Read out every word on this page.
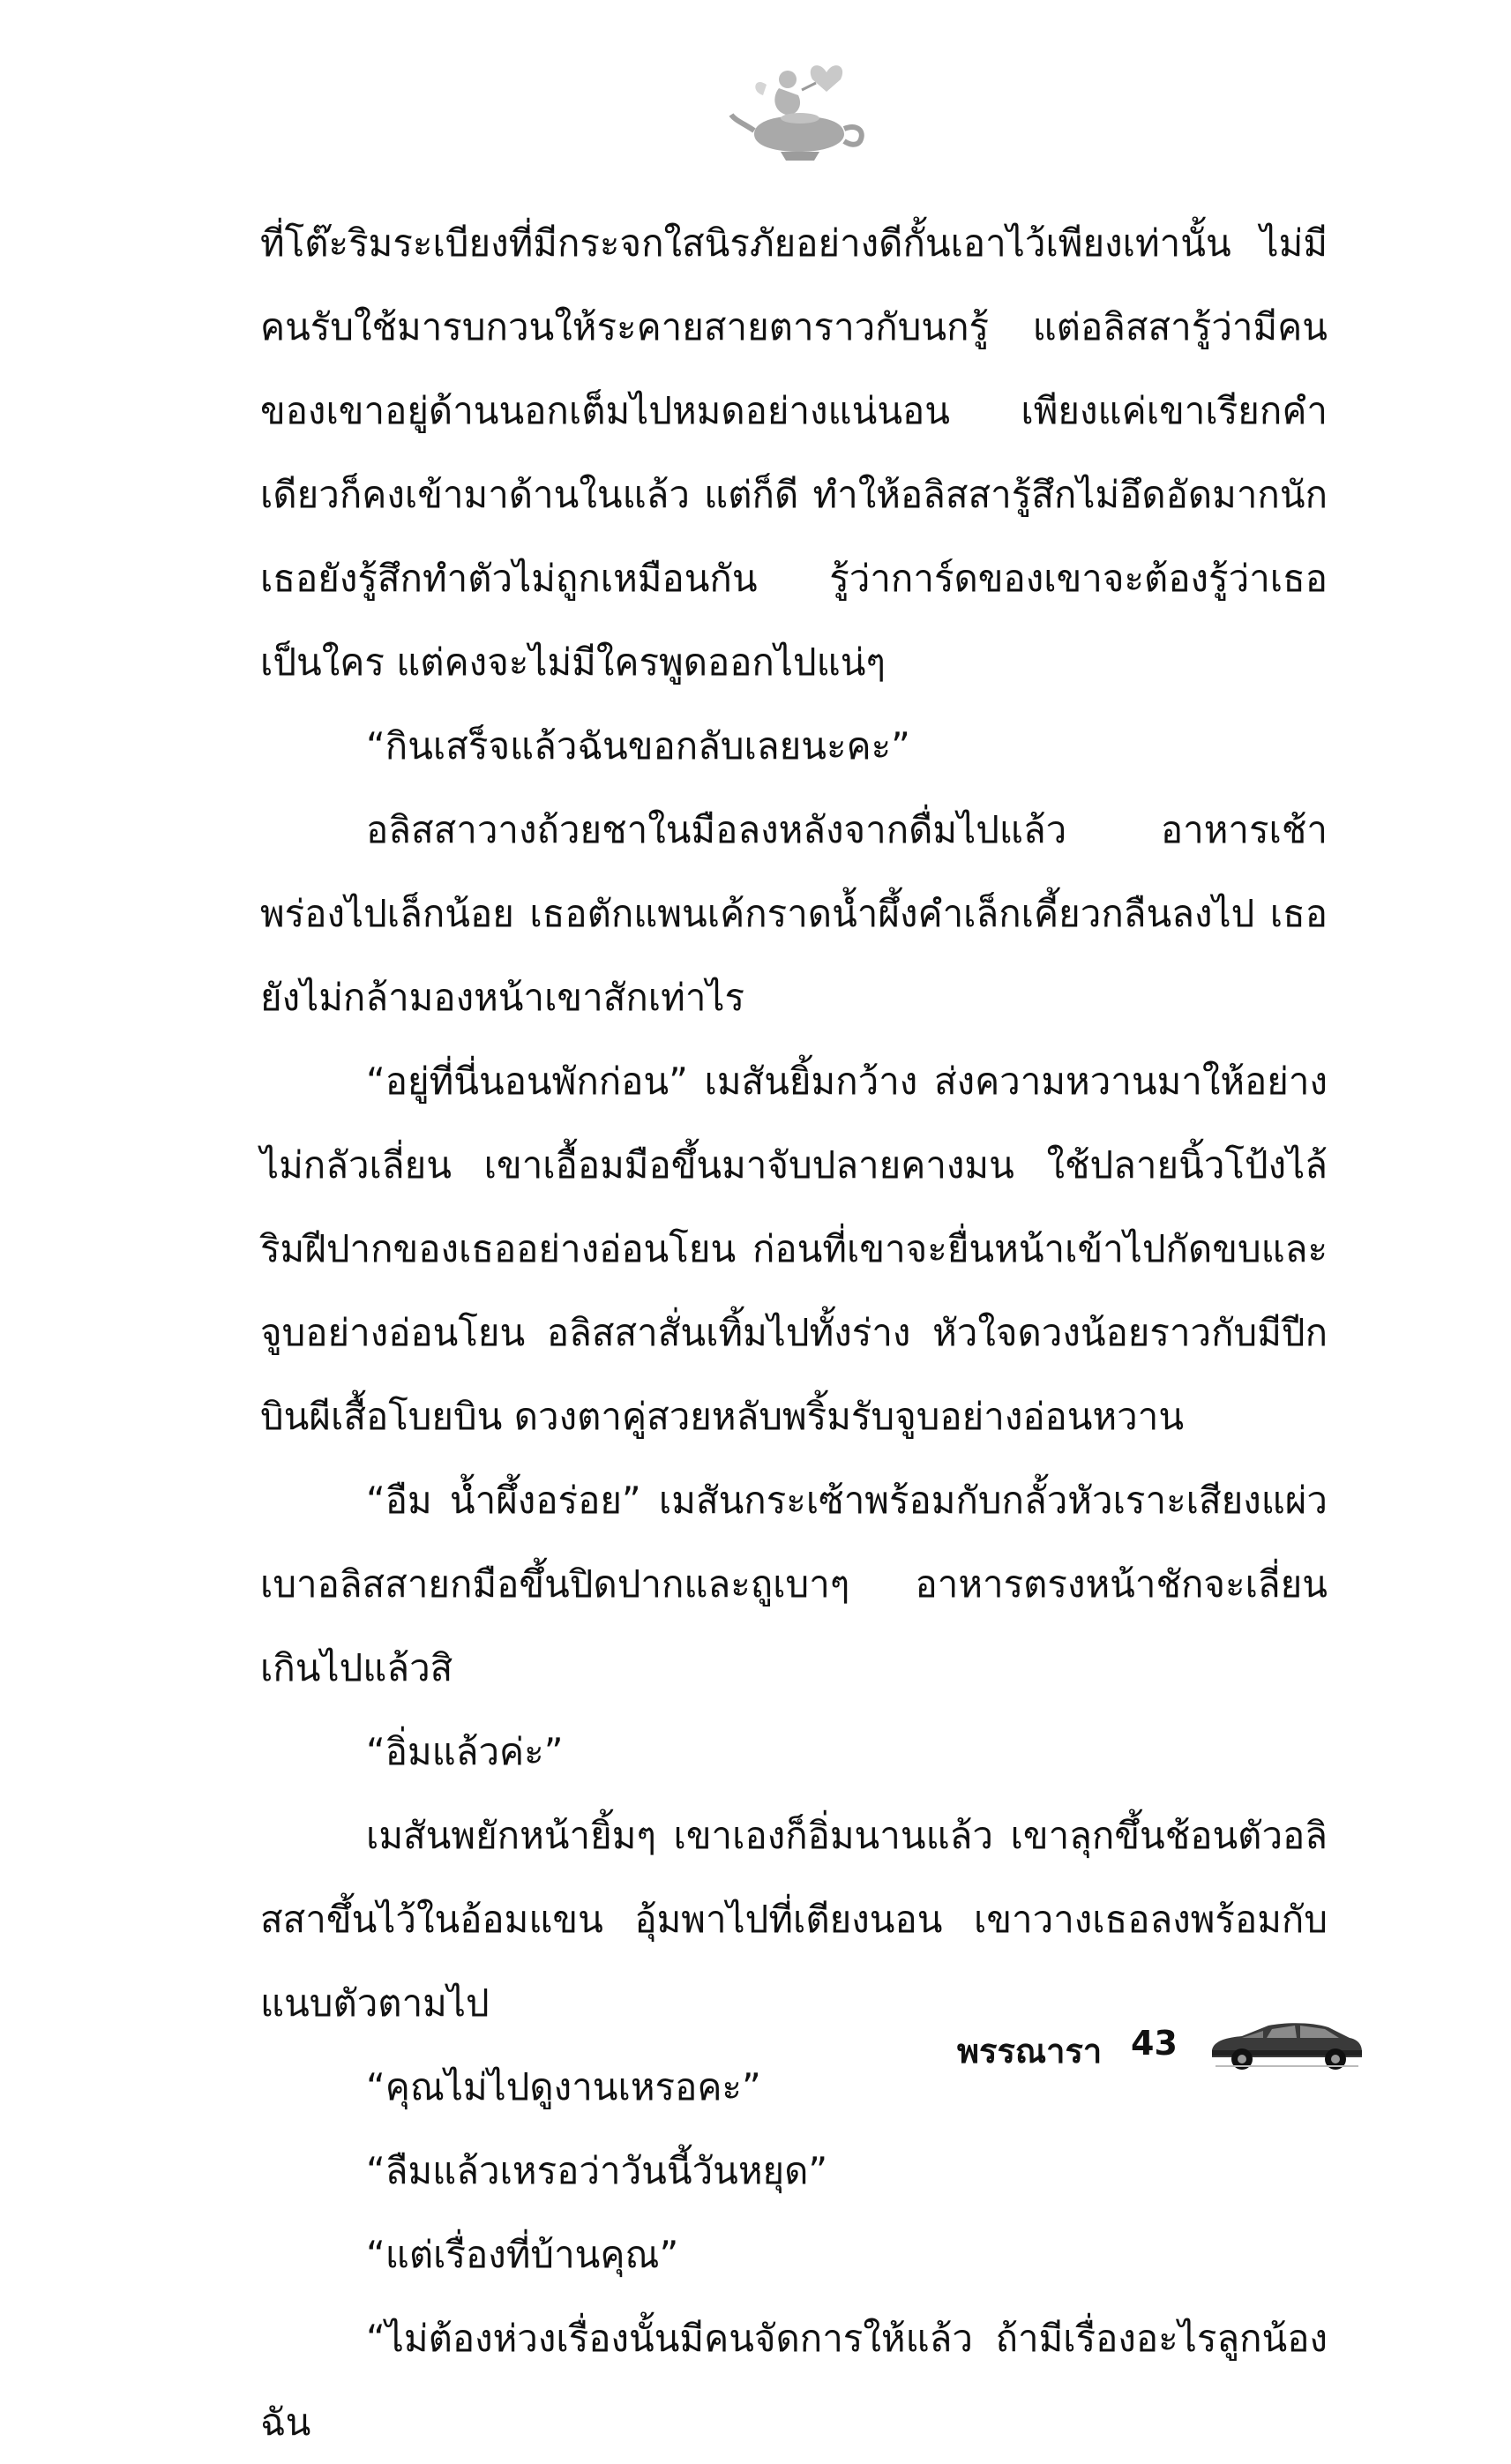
ที่โต๊ะริมระเบียงที่มีกระจกใสนิรภัยอย่างดีกั้นเอาไว้เพียงเท่านั้น ไม่มีคนรับใช้มารบกวนให้ระคายสายตาราวกับนกรู้ แต่อลิสสารู้ว่ามีคนของเขาอยู่ด้านนอกเต็มไปหมดอย่างแน่นอน เพียงแค่เขาเรียกคำเดียวก็คงเข้ามาด้านในแล้ว แต่ก็ดี ทำให้อลิสสารู้สึกไม่อึดอัดมากนัก เธอยังรู้สึกทำตัวไม่ถูกเหมือนกัน รู้ว่าการ์ดของเขาจะต้องรู้ว่าเธอเป็นใคร แต่คงจะไม่มีใครพูดออกไปแน่ๆ

“กินเสร็จแล้วฉันขอกลับเลยนะคะ”

อลิสสาวางถ้วยชาในมือลงหลังจากดื่มไปแล้ว อาหารเช้าพร่องไปเล็กน้อย เธอตักแพนเค้กราดน้ำผึ้งคำเล็กเคี้ยวกลืนลงไป เธอยังไม่กล้ามองหน้าเขาสักเท่าไร

“อยู่ที่นี่นอนพักก่อน” เมสันยิ้มกว้าง ส่งความหวานมาให้อย่างไม่กลัวเลี่ยน เขาเอื้อมมือขึ้นมาจับปลายคางมน ใช้ปลายนิ้วโป้งไล้ริมฝีปากของเธออย่างอ่อนโยน ก่อนที่เขาจะยื่นหน้าเข้าไปกัดขบและจูบอย่างอ่อนโยน อลิสสาสั่นเทิ้มไปทั้งร่าง หัวใจดวงน้อยราวกับมีปีกบินผีเสื้อโบยบิน ดวงตาคู่สวยหลับพริ้มรับจูบอย่างอ่อนหวาน

“อืม น้ำผึ้งอร่อย” เมสันกระเซ้าพร้อมกับกลั้วหัวเราะเสียงแผ่วเบาอลิสสายกมือขึ้นปิดปากและถูเบาๆ อาหารตรงหน้าชักจะเลี่ยนเกินไปแล้วสิ

“อิ่มแล้วค่ะ”

เมสันพยักหน้ายิ้มๆ เขาเองก็อิ่มนานแล้ว เขาลุกขึ้นช้อนตัวอลิสสาขึ้นไว้ในอ้อมแขน อุ้มพาไปที่เตียงนอน เขาวางเธอลงพร้อมกับแนบตัวตามไป

“คุณไม่ไปดูงานเหรอคะ”

“ลืมแล้วเหรอว่าวันนี้วันหยุด”

“แต่เรื่องที่บ้านคุณ”

“ไม่ต้องห่วงเรื่องนั้นมีคนจัดการให้แล้ว ถ้ามีเรื่องอะไรลูกน้องฉัน

พรรณารา 43
